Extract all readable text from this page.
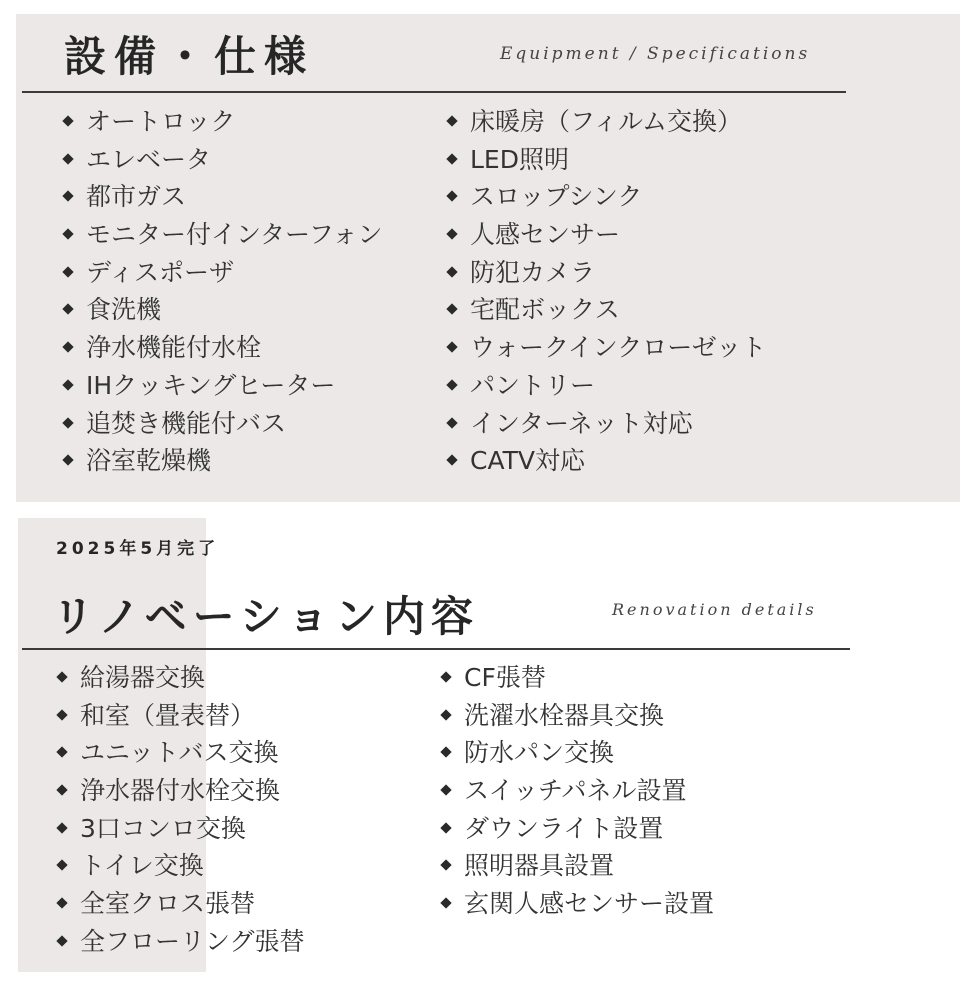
設備・仕様	Equipment / Specifications
オートロック
エレベータ
都市ガス
モニター付インターフォン
ディスポーザ
食洗機
浄水機能付水栓
IHクッキングヒーター
追焚き機能付バス
浴室乾燥機
床暖房（フィルム交換）
LED照明
スロップシンク
人感センサー
防犯カメラ
宅配ボックス
ウォークインクローゼット
パントリー
インターネット対応
CATV対応
2025年5月完了
リノベーション内容	Renovation details
給湯器交換
和室（畳表替）
ユニットバス交換
浄水器付水栓交換
3口コンロ交換
トイレ交換
全室クロス張替
全フローリング張替
CF張替
洗濯水栓器具交換
防水パン交換
スイッチパネル設置
ダウンライト設置
照明器具設置
玄関人感センサー設置
